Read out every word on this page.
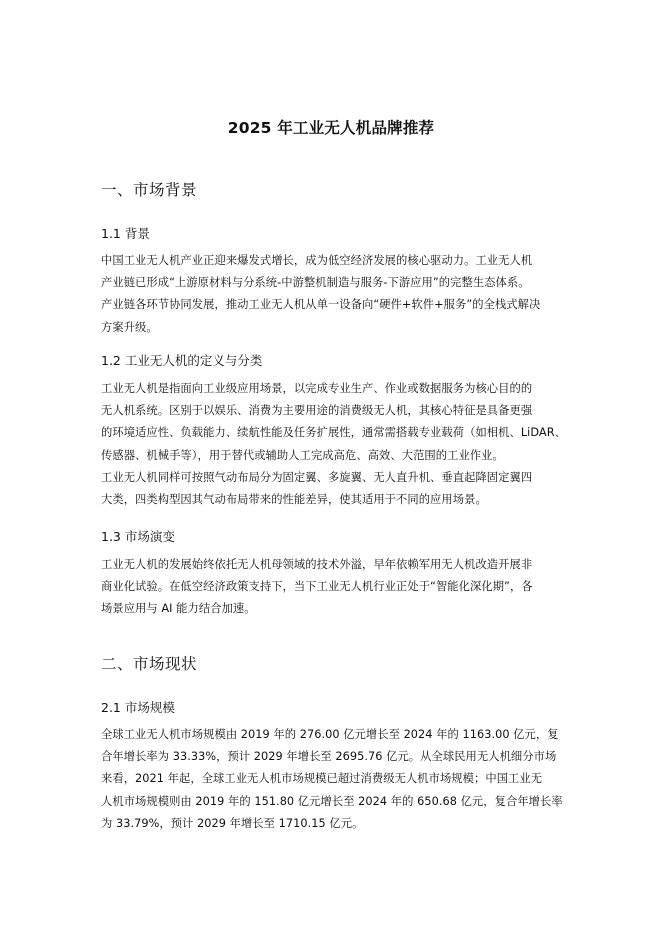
2025 年工业无人机品牌推荐
一、市场背景
1.1 背景

中国工业无人机产业正迎来爆发式增长，成为低空经济发展的核心驱动力。工业无人机
产业链已形成“上游原材料与分系统-中游整机制造与服务-下游应用”的完整生态体系。
产业链各环节协同发展，推动工业无人机从单一设备向“硬件+软件+服务”的全栈式解决
方案升级。

1.2 工业无人机的定义与分类

工业无人机是指面向工业级应用场景，以完成专业生产、作业或数据服务为核心目的的
无人机系统。区别于以娱乐、消费为主要用途的消费级无人机，其核心特征是具备更强
的环境适应性、负载能力、续航性能及任务扩展性，通常需搭载专业载荷（如相机、LiDAR、
传感器、机械手等），用于替代或辅助人工完成高危、高效、大范围的工业作业。

工业无人机同样可按照气动布局分为固定翼、多旋翼、无人直升机、垂直起降固定翼四
大类，四类构型因其气动布局带来的性能差异，使其适用于不同的应用场景。

1.3 市场演变

工业无人机的发展始终依托无人机母领域的技术外溢，早年依赖军用无人机改造开展非
商业化试验。在低空经济政策支持下，当下工业无人机行业正处于“智能化深化期”，各
场景应用与 AI 能力结合加速。

二、市场现状
2.1 市场规模

全球工业无人机市场规模由 2019 年的 276.00 亿元增长至 2024 年的 1163.00 亿元，复
合年增长率为 33.33%，预计 2029 年增长至 2695.76 亿元。从全球民用无人机细分市场
来看，2021 年起，全球工业无人机市场规模已超过消费级无人机市场规模；中国工业无
人机市场规模则由 2019 年的 151.80 亿元增长至 2024 年的 650.68 亿元，复合年增长率
为 33.79%，预计 2029 年增长至 1710.15 亿元。
